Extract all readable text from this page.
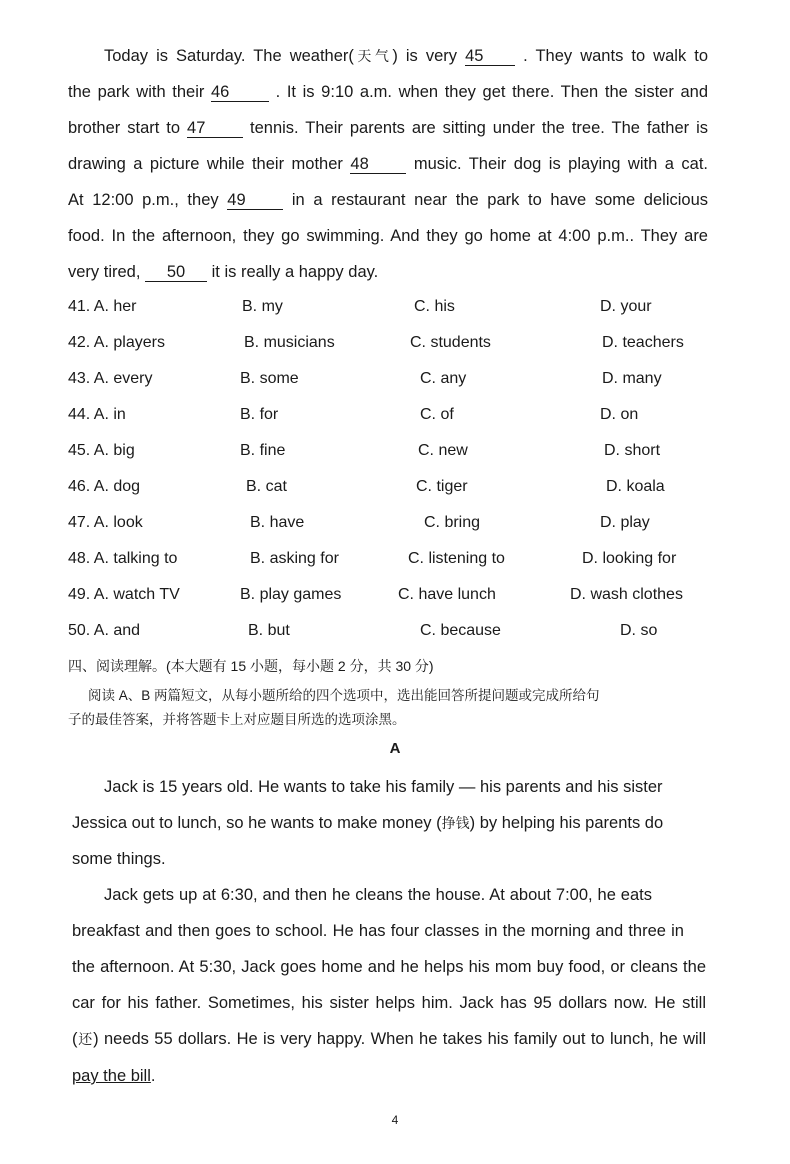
Today is Saturday. The weather(天气) is very 45 . They wants to walk to
the park with their 46 . It is 9:10 a.m. when they get there. Then the sister and
brother start to 47 tennis. Their parents are sitting under the tree. The father is
drawing a picture while their mother 48 music. Their dog is playing with a cat.
At 12:00 p.m., they 49 in a restaurant near the park to have some delicious
food. In the afternoon, they go swimming. And they go home at 4:00 p.m.. They are
very tired, 50 it is really a happy day.
41. A. her	B. my	C. his	D. your
42. A. players	B. musicians	C. students	D. teachers
43. A. every	B. some	C. any	D. many
44. A. in	B. for	C. of	D. on
45. A. big	B. fine	C. new	D. short
46. A. dog	B. cat	C. tiger	D. koala
47. A. look	B. have	C. bring	D. play
48. A. talking to	B. asking for	C. listening to	D. looking for
49. A. watch TV	B. play games	C. have lunch	D. wash clothes
50. A. and	B. but	C. because	D. so
四、阅读理解。(本大题有 15 小题，每小题 2 分，共 30 分)
阅读 A、B 两篇短文，从每小题所给的四个选项中，选出能回答所提问题或完成所给句
子的最佳答案，并将答题卡上对应题目所选的选项涂黑。
A
Jack is 15 years old. He wants to take his family — his parents and his sister
Jessica out to lunch, so he wants to make money (挣钱) by helping his parents do
some things.
Jack gets up at 6:30, and then he cleans the house. At about 7:00, he eats
breakfast and then goes to school. He has four classes in the morning and three in
the afternoon. At 5:30, Jack goes home and he helps his mom buy food, or cleans the
car for his father. Sometimes, his sister helps him. Jack has 95 dollars now. He still
(还) needs 55 dollars. He is very happy. When he takes his family out to lunch, he will
pay the bill.
4
